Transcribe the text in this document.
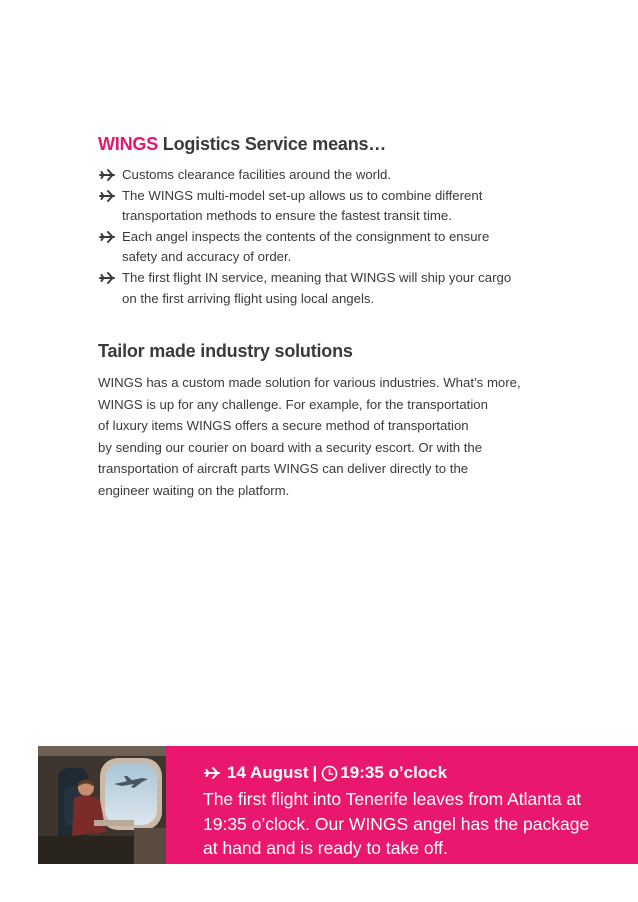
WINGS Logistics Service means…
Customs clearance facilities around the world.
The WINGS multi-model set-up allows us to combine different
transportation methods to ensure the fastest transit time.
Each angel inspects the contents of the consignment to ensure
safety and accuracy of order.
The first flight IN service, meaning that WINGS will ship your cargo
on the first arriving flight using local angels.
Tailor made industry solutions
WINGS has a custom made solution for various industries. What’s more,
WINGS is up for any challenge. For example, for the transportation
of luxury items WINGS offers a secure method of transportation
by sending our courier on board with a security escort. Or with the
transportation of aircraft parts WINGS can deliver directly to the
engineer waiting on the platform.
14 August | 19:35 o’clock
The first flight into Tenerife leaves from Atlanta at
19:35 o’clock. Our WINGS angel has the package
at hand and is ready to take off.
